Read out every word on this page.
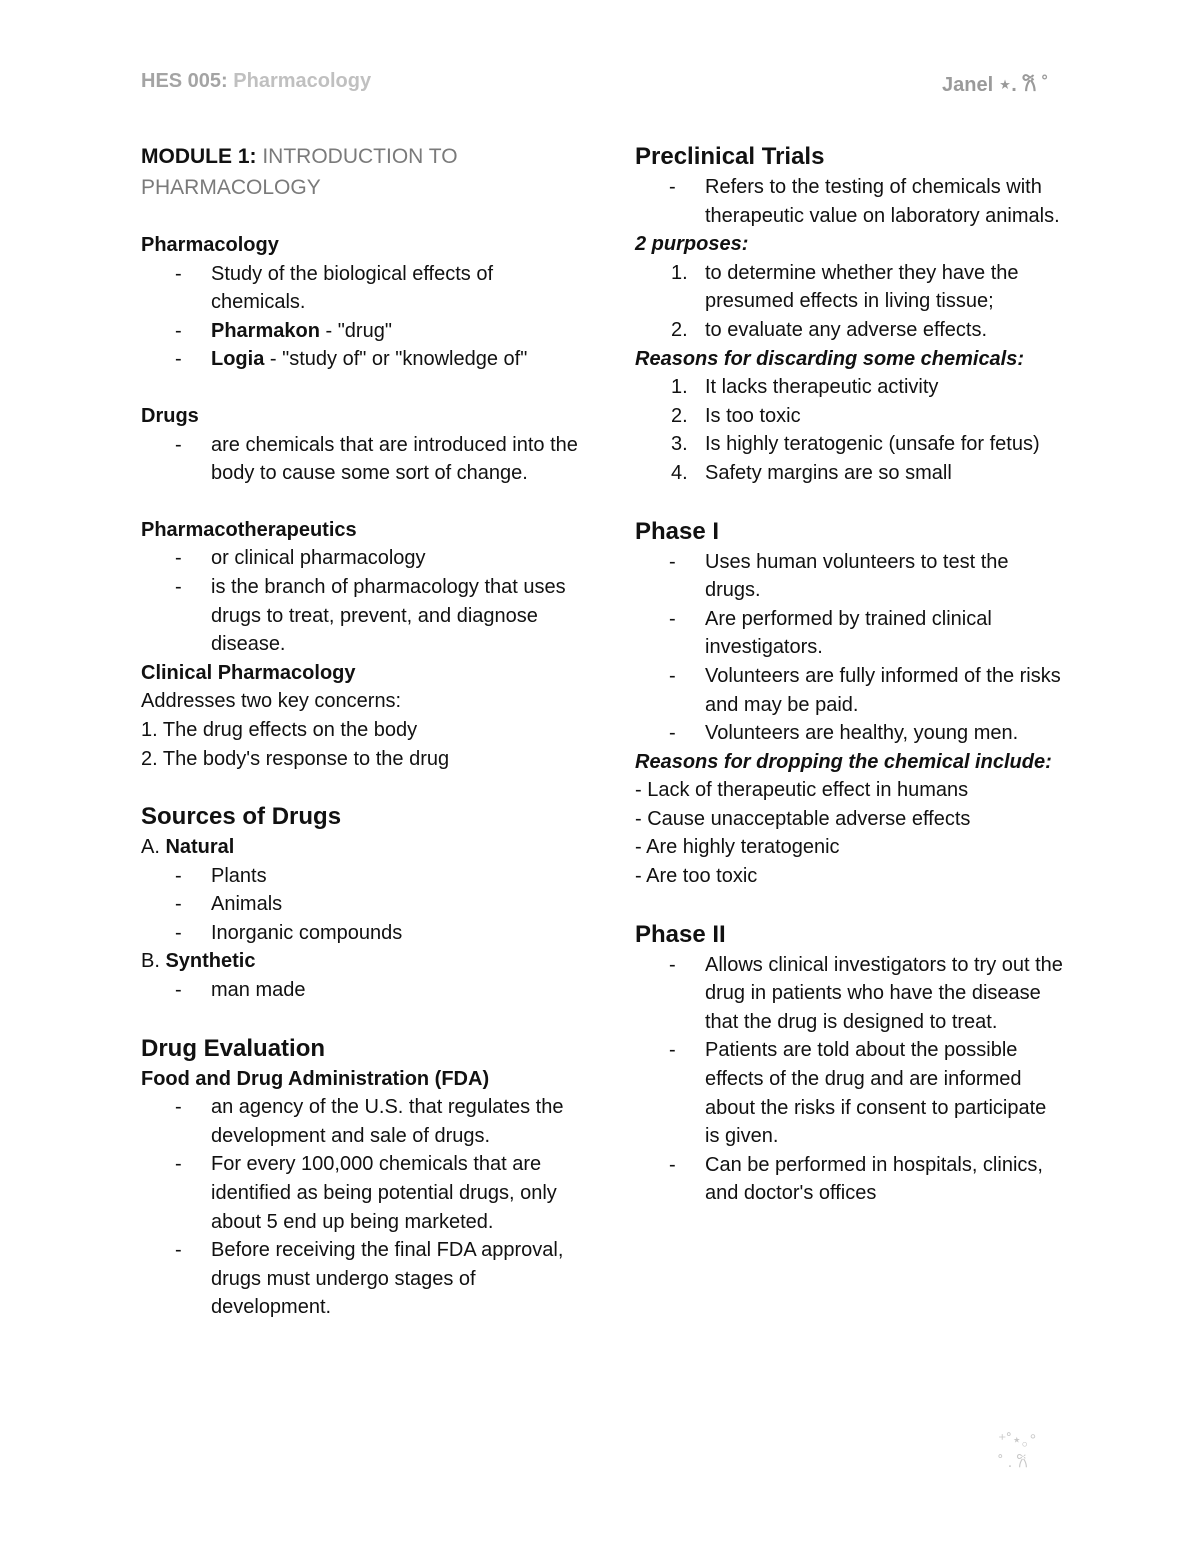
HES 005: Pharmacology	Janel ⋆. 𐙚 ˚
MODULE 1: INTRODUCTION TO PHARMACOLOGY
Pharmacology
- Study of the biological effects of chemicals.
- Pharmakon - "drug"
- Logia - "study of" or "knowledge of"
Drugs
- are chemicals that are introduced into the body to cause some sort of change.
Pharmacotherapeutics
- or clinical pharmacology
- is the branch of pharmacology that uses drugs to treat, prevent, and diagnose disease.
Clinical Pharmacology

Addresses two key concerns:

1. The drug effects on the body

2. The body's response to the drug

Sources of Drugs
A. Natural
- Plants
- Animals
- Inorganic compounds
B. Synthetic
- man made
Drug Evaluation
Food and Drug Administration (FDA)
- an agency of the U.S. that regulates the development and sale of drugs.
- For every 100,000 chemicals that are identified as being potential drugs, only about 5 end up being marketed.
- Before receiving the final FDA approval, drugs must undergo stages of development.
Preclinical Trials
- Refers to the testing of chemicals with therapeutic value on laboratory animals.
2 purposes:
1. to determine whether they have the presumed effects in living tissue;
2. to evaluate any adverse effects.
Reasons for discarding some chemicals:
1. It lacks therapeutic activity
2. Is too toxic
3. Is highly teratogenic (unsafe for fetus)
4. Safety margins are so small
Phase I
- Uses human volunteers to test the drugs.
- Are performed by trained clinical investigators.
- Volunteers are fully informed of the risks and may be paid.
- Volunteers are healthy, young men.
Reasons for dropping the chemical include:

- Lack of therapeutic effect in humans

- Cause unacceptable adverse effects

- Are highly teratogenic

- Are too toxic

Phase II
- Allows clinical investigators to try out the drug in patients who have the disease that the drug is designed to treat.
- Patients are told about the possible effects of the drug and are informed about the risks if consent to participate is given.
- Can be performed in hospitals, clinics, and doctor's offices
⁺˚⋆｡°
˚ . 𐙚
